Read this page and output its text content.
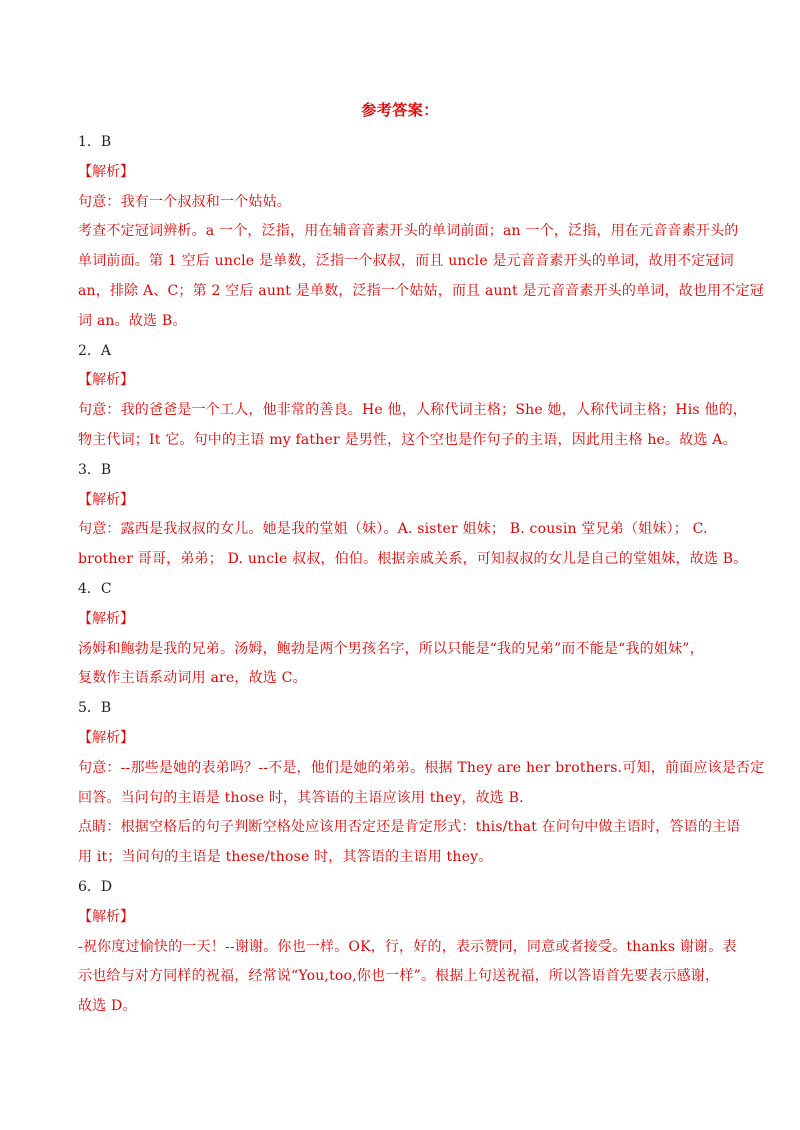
参考答案：
1．B
【解析】
句意：我有一个叔叔和一个姑姑。
考查不定冠词辨析。a 一个，泛指，用在辅音音素开头的单词前面；an 一个，泛指，用在元音音素开头的
单词前面。第 1 空后 uncle 是单数，泛指一个叔叔，而且 uncle 是元音音素开头的单词，故用不定冠词
an，排除 A、C；第 2 空后 aunt 是单数，泛指一个姑姑，而且 aunt 是元音音素开头的单词，故也用不定冠
词 an。故选 B。
2．A
【解析】
句意：我的爸爸是一个工人，他非常的善良。He 他，人称代词主格；She 她，人称代词主格；His 他的，
物主代词；It 它。句中的主语 my father 是男性，这个空也是作句子的主语，因此用主格 he。故选 A。
3．B
【解析】
句意：露西是我叔叔的女儿。她是我的堂姐（妹）。A. sister 姐妹； B. cousin 堂兄弟（姐妹）； C.
brother 哥哥，弟弟； D. uncle 叔叔，伯伯。根据亲戚关系，可知叔叔的女儿是自己的堂姐妹，故选 B。
4．C
【解析】
汤姆和鲍勃是我的兄弟。汤姆，鲍勃是两个男孩名字，所以只能是“我的兄弟”而不能是“我的姐妹”，
复数作主语系动词用 are，故选 C。
5．B
【解析】
句意：--那些是她的表弟吗？--不是，他们是她的弟弟。根据 They are her brothers.可知，前面应该是否定
回答。当问句的主语是 those 时，其答语的主语应该用 they，故选 B.
点睛：根据空格后的句子判断空格处应该用否定还是肯定形式：this/that 在问句中做主语时，答语的主语
用 it；当问句的主语是 these/those 时，其答语的主语用 they。
6．D
【解析】
-祝你度过愉快的一天！--谢谢。你也一样。OK，行，好的，表示赞同，同意或者接受。thanks 谢谢。表
示也给与对方同样的祝福，经常说“You,too,你也一样”。根据上句送祝福，所以答语首先要表示感谢，
故选 D。
